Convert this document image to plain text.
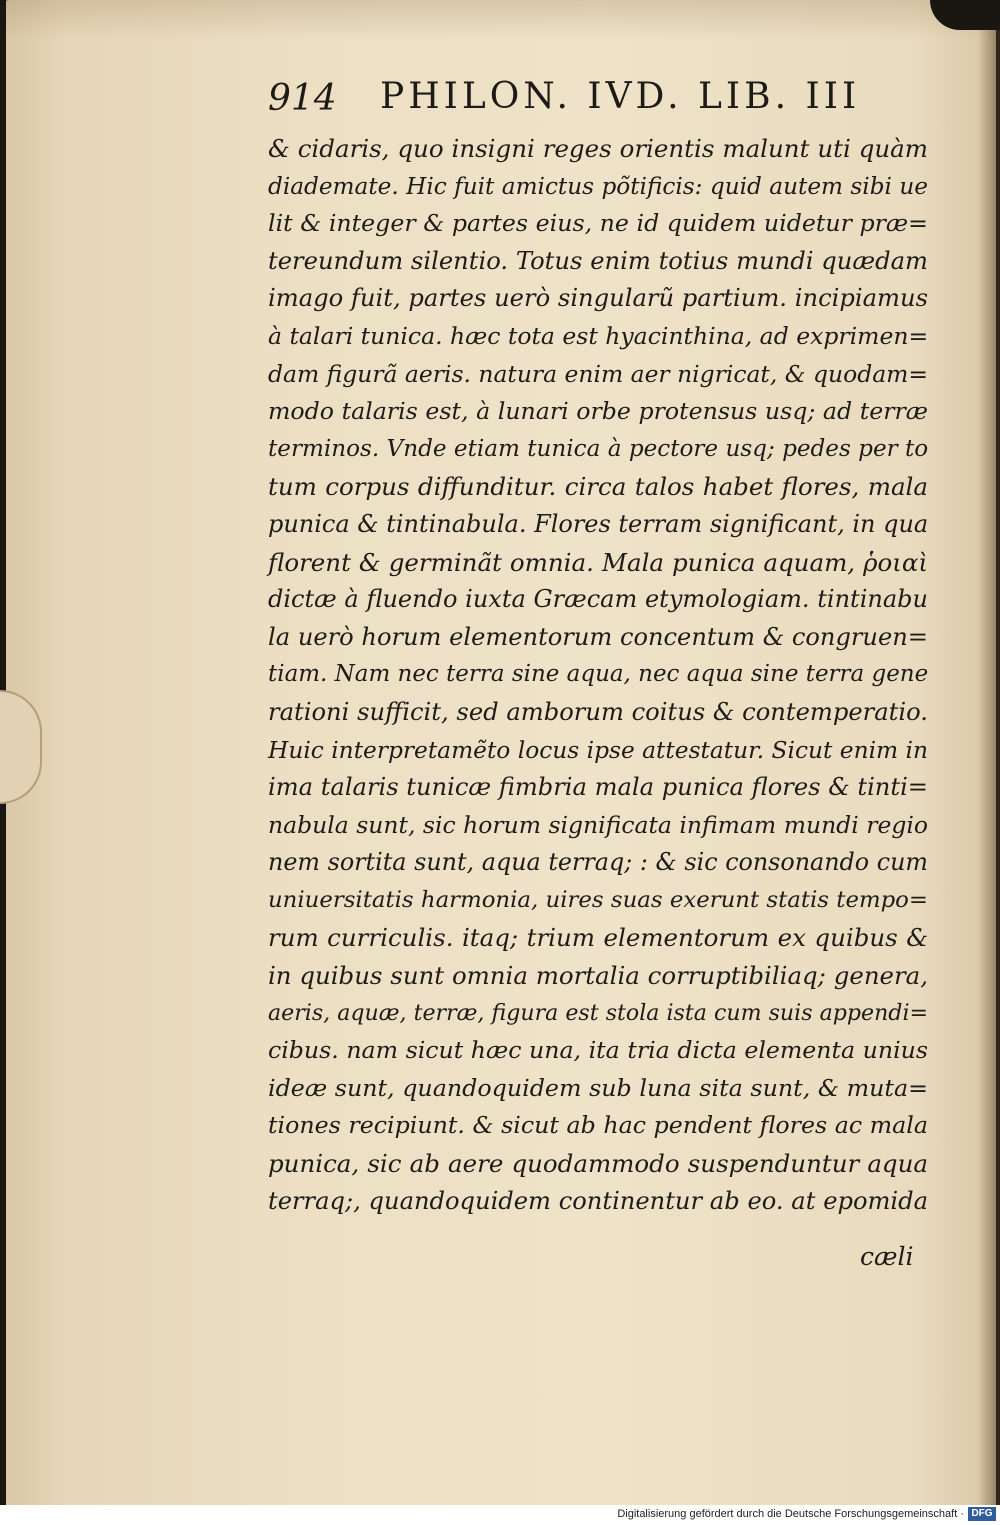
914 PHILON. IVD. LIB. III
& cidaris, quo insigni reges orientis malunt uti quàm
diademate. Hic fuit amictus põtificis: quid autem sibi ue
lit & integer & partes eius, ne id quidem uidetur præ=
tereundum silentio. Totus enim totius mundi quædam
imago fuit, partes uerò singularũ partium. incipiamus
à talari tunica. hæc tota est hyacinthina, ad exprimen=
dam figurã aeris. natura enim aer nigricat, & quodam=
modo talaris est, à lunari orbe protensus usq; ad terræ
terminos. Vnde etiam tunica à pectore usq; pedes per to
tum corpus diffunditur. circa talos habet flores, mala
punica & tintinabula. Flores terram significant, in qua
florent & germinãt omnia. Mala punica aquam, ῥοιαὶ
dictæ à fluendo iuxta Græcam etymologiam. tintinabu
la uerò horum elementorum concentum & congruen=
tiam. Nam nec terra sine aqua, nec aqua sine terra gene
rationi sufficit, sed amborum coitus & contemperatio.
Huic interpretamẽto locus ipse attestatur. Sicut enim in
ima talaris tunicæ fimbria mala punica flores & tinti=
nabula sunt, sic horum significata infimam mundi regio
nem sortita sunt, aqua terraq; : & sic consonando cum
uniuersitatis harmonia, uires suas exerunt statis tempo=
rum curriculis. itaq; trium elementorum ex quibus &
in quibus sunt omnia mortalia corruptibiliaq; genera,
aeris, aquæ, terræ, figura est stola ista cum suis appendi=
cibus. nam sicut hæc una, ita tria dicta elementa unius
ideæ sunt, quandoquidem sub luna sita sunt, & muta=
tiones recipiunt. & sicut ab hac pendent flores ac mala
punica, sic ab aere quodammodo suspenduntur aqua
terraq;, quandoquidem continentur ab eo. at epomida
cæli
Digitalisierung gefördert durch die Deutsche Forschungsgemeinschaft · DFG
